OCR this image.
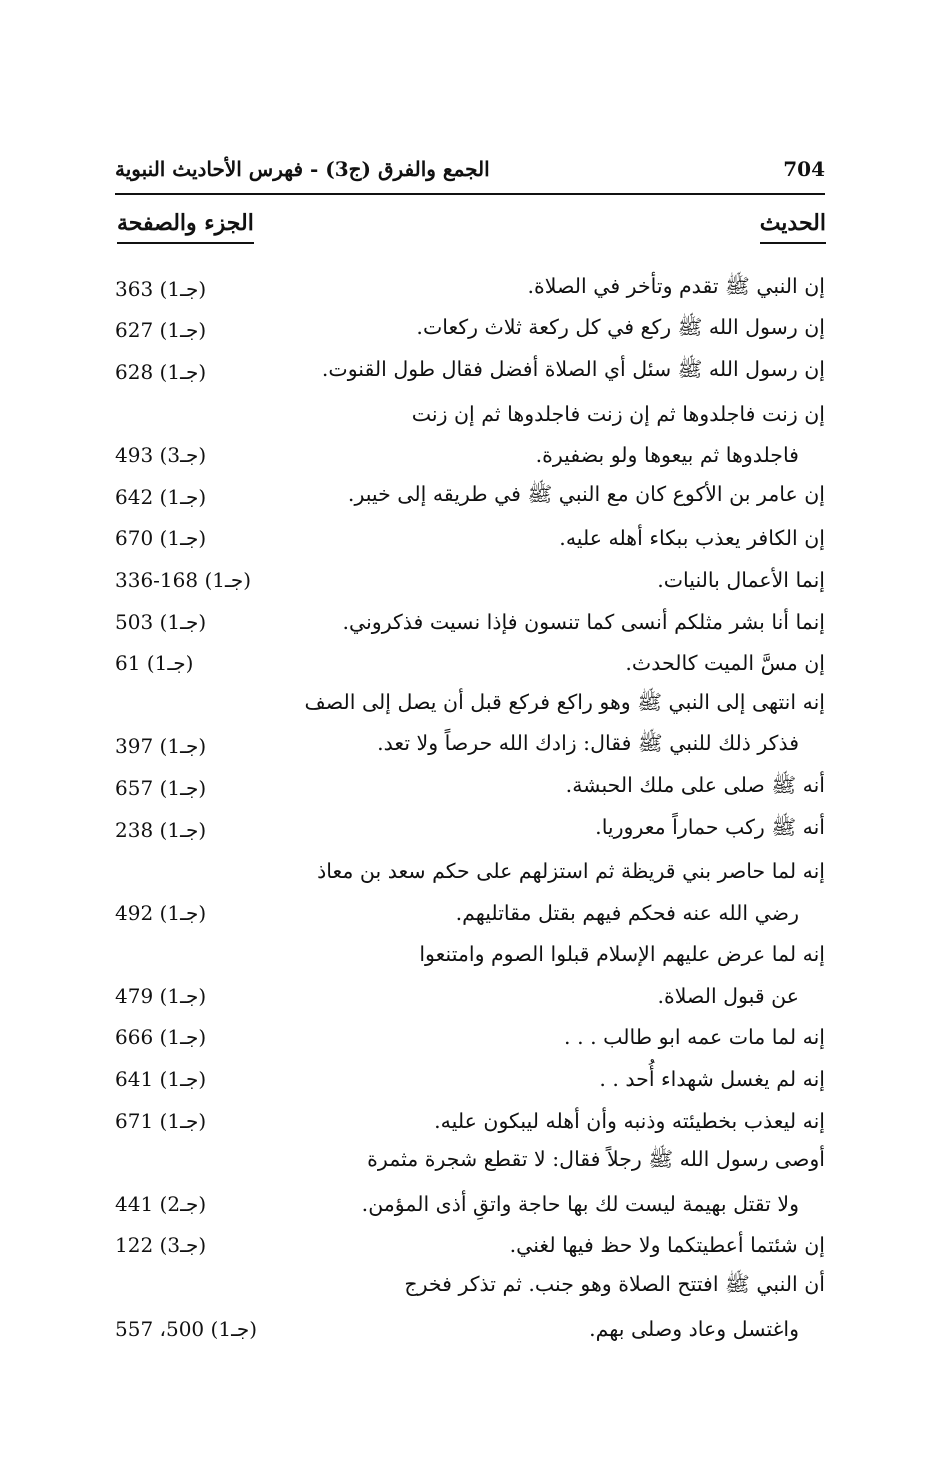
الجمع والفرق (ج3) - فهرس الأحاديث النبوية	704
الحديث
الجزء والصفحة
363 (جـ1)	إن النبي ﷺ تقدم وتأخر في الصلاة.
627 (جـ1)	إن رسول الله ﷺ ركع في كل ركعة ثلاث ركعات.
628 (جـ1)	إن رسول الله ﷺ سئل أي الصلاة أفضل فقال طول القنوت.
إن زنت فاجلدوها ثم إن زنت فاجلدوها ثم إن زنت
493 (جـ3)	فاجلدوها ثم بيعوها ولو بضفيرة.
642 (جـ1)	إن عامر بن الأكوع كان مع النبي ﷺ في طريقه إلى خيبر.
670 (جـ1)	إن الكافر يعذب ببكاء أهله عليه.
336-168 (جـ1)	إنما الأعمال بالنيات.
503 (جـ1)	إنما أنا بشر مثلكم أنسى كما تنسون فإذا نسيت فذكروني.
61 (جـ1)	إن مسَّ الميت كالحدث.
إنه انتهى إلى النبي ﷺ وهو راكع فركع قبل أن يصل إلى الصف
397 (جـ1)	فذكر ذلك للنبي ﷺ فقال: زادك الله حرصاً ولا تعد.
657 (جـ1)	أنه ﷺ صلى على ملك الحبشة.
238 (جـ1)	أنه ﷺ ركب حماراً معروريا.
إنه لما حاصر بني قريظة ثم استزلهم على حكم سعد بن معاذ
492 (جـ1)	رضي الله عنه فحكم فيهم بقتل مقاتليهم.
إنه لما عرض عليهم الإسلام قبلوا الصوم وامتنعوا
479 (جـ1)	عن قبول الصلاة.
666 (جـ1)	إنه لما مات عمه ابو طالب . . .
641 (جـ1)	إنه لم يغسل شهداء أُحد . .
671 (جـ1)	إنه ليعذب بخطيئته وذنبه وأن أهله ليبكون عليه.
أوصى رسول الله ﷺ رجلاً فقال: لا تقطع شجرة مثمرة
441 (جـ2)	ولا تقتل بهيمة ليست لك بها حاجة واتقِ أذى المؤمن.
122 (جـ3)	إن شئتما أعطيتكما ولا حظ فيها لغني.
أن النبي ﷺ افتتح الصلاة وهو جنب. ثم تذكر فخرج
557 ،500 (جـ1)	واغتسل وعاد وصلى بهم.
